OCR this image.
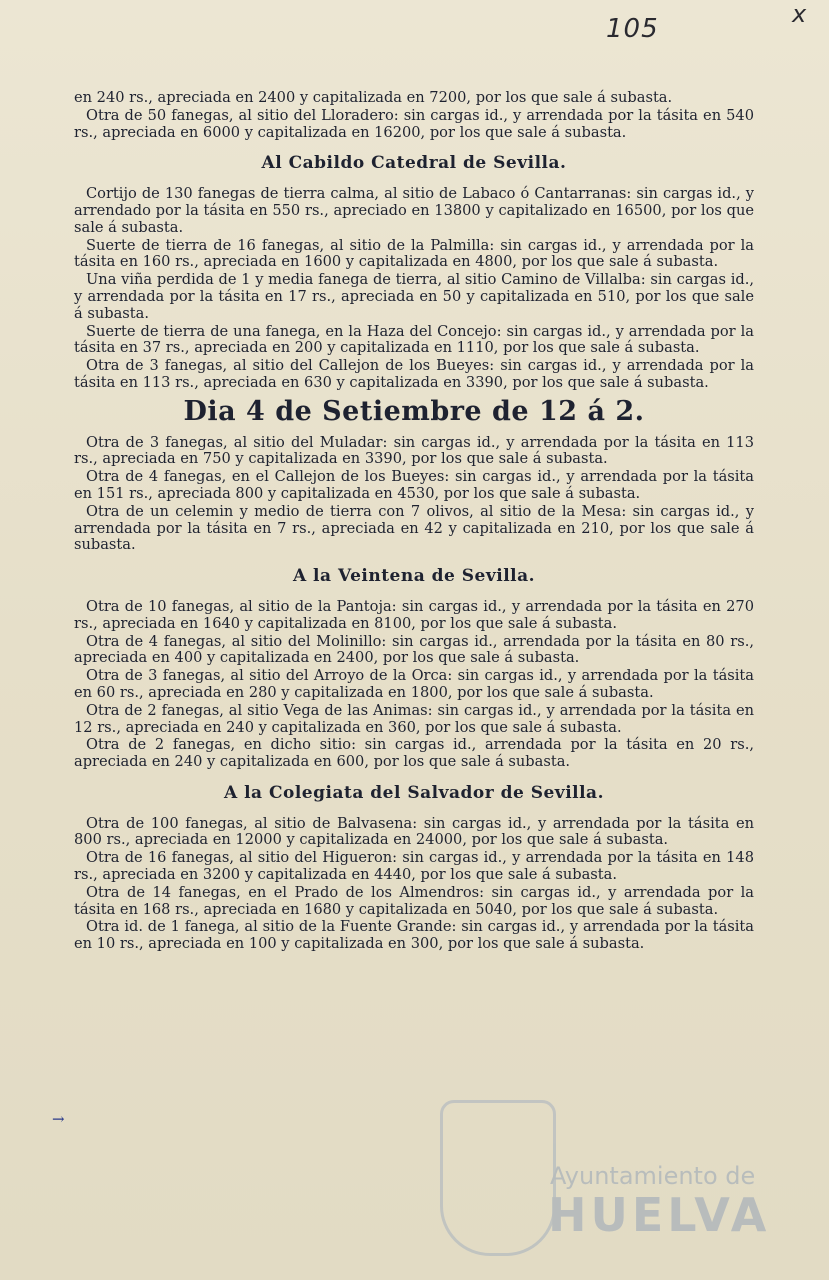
105	x

en 240 rs., apreciada en 2400 y capitalizada en 7200, por los que sale á subasta.

Otra de 50 fanegas, al sitio del Lloradero: sin cargas id., y arrendada por la tásita en 540 rs., apreciada en 6000 y capitalizada en 16200, por los que sale á subasta.

Al Cabildo Catedral de Sevilla.

Cortijo de 130 fanegas de tierra calma, al sitio de Labaco ó Cantarranas: sin cargas id., y arrendado por la tásita en 550 rs., apreciado en 13800 y capitalizado en 16500, por los que sale á subasta.

Suerte de tierra de 16 fanegas, al sitio de la Palmilla: sin cargas id., y arrendada por la tásita en 160 rs., apreciada en 1600 y capitalizada en 4800, por los que sale á subasta.

Una viña perdida de 1 y media fanega de tierra, al sitio Camino de Villalba: sin cargas id., y arrendada por la tásita en 17 rs., apreciada en 50 y capitalizada en 510, por los que sale á subasta.

Suerte de tierra de una fanega, en la Haza del Concejo: sin cargas id., y arrendada por la tásita en 37 rs., apreciada en 200 y capitalizada en 1110, por los que sale á subasta.

Otra de 3 fanegas, al sitio del Callejon de los Bueyes: sin cargas id., y arrendada por la tásita en 113 rs., apreciada en 630 y capitalizada en 3390, por los que sale á subasta.

Dia 4 de Setiembre de 12 á 2.

Otra de 3 fanegas, al sitio del Muladar: sin cargas id., y arrendada por la tásita en 113 rs., apreciada en 750 y capitalizada en 3390, por los que sale á subasta.

Otra de 4 fanegas, en el Callejon de los Bueyes: sin cargas id., y arrendada por la tásita en 151 rs., apreciada 800 y capitalizada en 4530, por los que sale á subasta.

Otra de un celemin y medio de tierra con 7 olivos, al sitio de la Mesa: sin cargas id., y arrendada por la tásita en 7 rs., apreciada en 42 y capitalizada en 210, por los que sale á subasta.

A la Veintena de Sevilla.

Otra de 10 fanegas, al sitio de la Pantoja: sin cargas id., y arrendada por la tásita en 270 rs., apreciada en 1640 y capitalizada en 8100, por los que sale á subasta.

Otra de 4 fanegas, al sitio del Molinillo: sin cargas id., arrendada por la tásita en 80 rs., apreciada en 400 y capitalizada en 2400, por los que sale á subasta.

Otra de 3 fanegas, al sitio del Arroyo de la Orca: sin cargas id., y arrendada por la tásita en 60 rs., apreciada en 280 y capitalizada en 1800, por los que sale á subasta.

Otra de 2 fanegas, al sitio Vega de las Animas: sin cargas id., y arrendada por la tásita en 12 rs., apreciada en 240 y capitalizada en 360, por los que sale á subasta.

Otra de 2 fanegas, en dicho sitio: sin cargas id., arrendada por la tásita en 20 rs., apreciada en 240 y capitalizada en 600, por los que sale á subasta.

A la Colegiata del Salvador de Sevilla.

Otra de 100 fanegas, al sitio de Balvasena: sin cargas id., y arrendada por la tásita en 800 rs., apreciada en 12000 y capitalizada en 24000, por los que sale á subasta.

Otra de 16 fanegas, al sitio del Higueron: sin cargas id., y arrendada por la tásita en 148 rs., apreciada en 3200 y capitalizada en 4440, por los que sale á subasta.

Otra de 14 fanegas, en el Prado de los Almendros: sin cargas id., y arrendada por la tásita en 168 rs., apreciada en 1680 y capitalizada en 5040, por los que sale á subasta.

Otra id. de 1 fanega, al sitio de la Fuente Grande: sin cargas id., y arrendada por la tásita en 10 rs., apreciada en 100 y capitalizada en 300, por los que sale á subasta.

→
Ayuntamiento de
HUELVA
